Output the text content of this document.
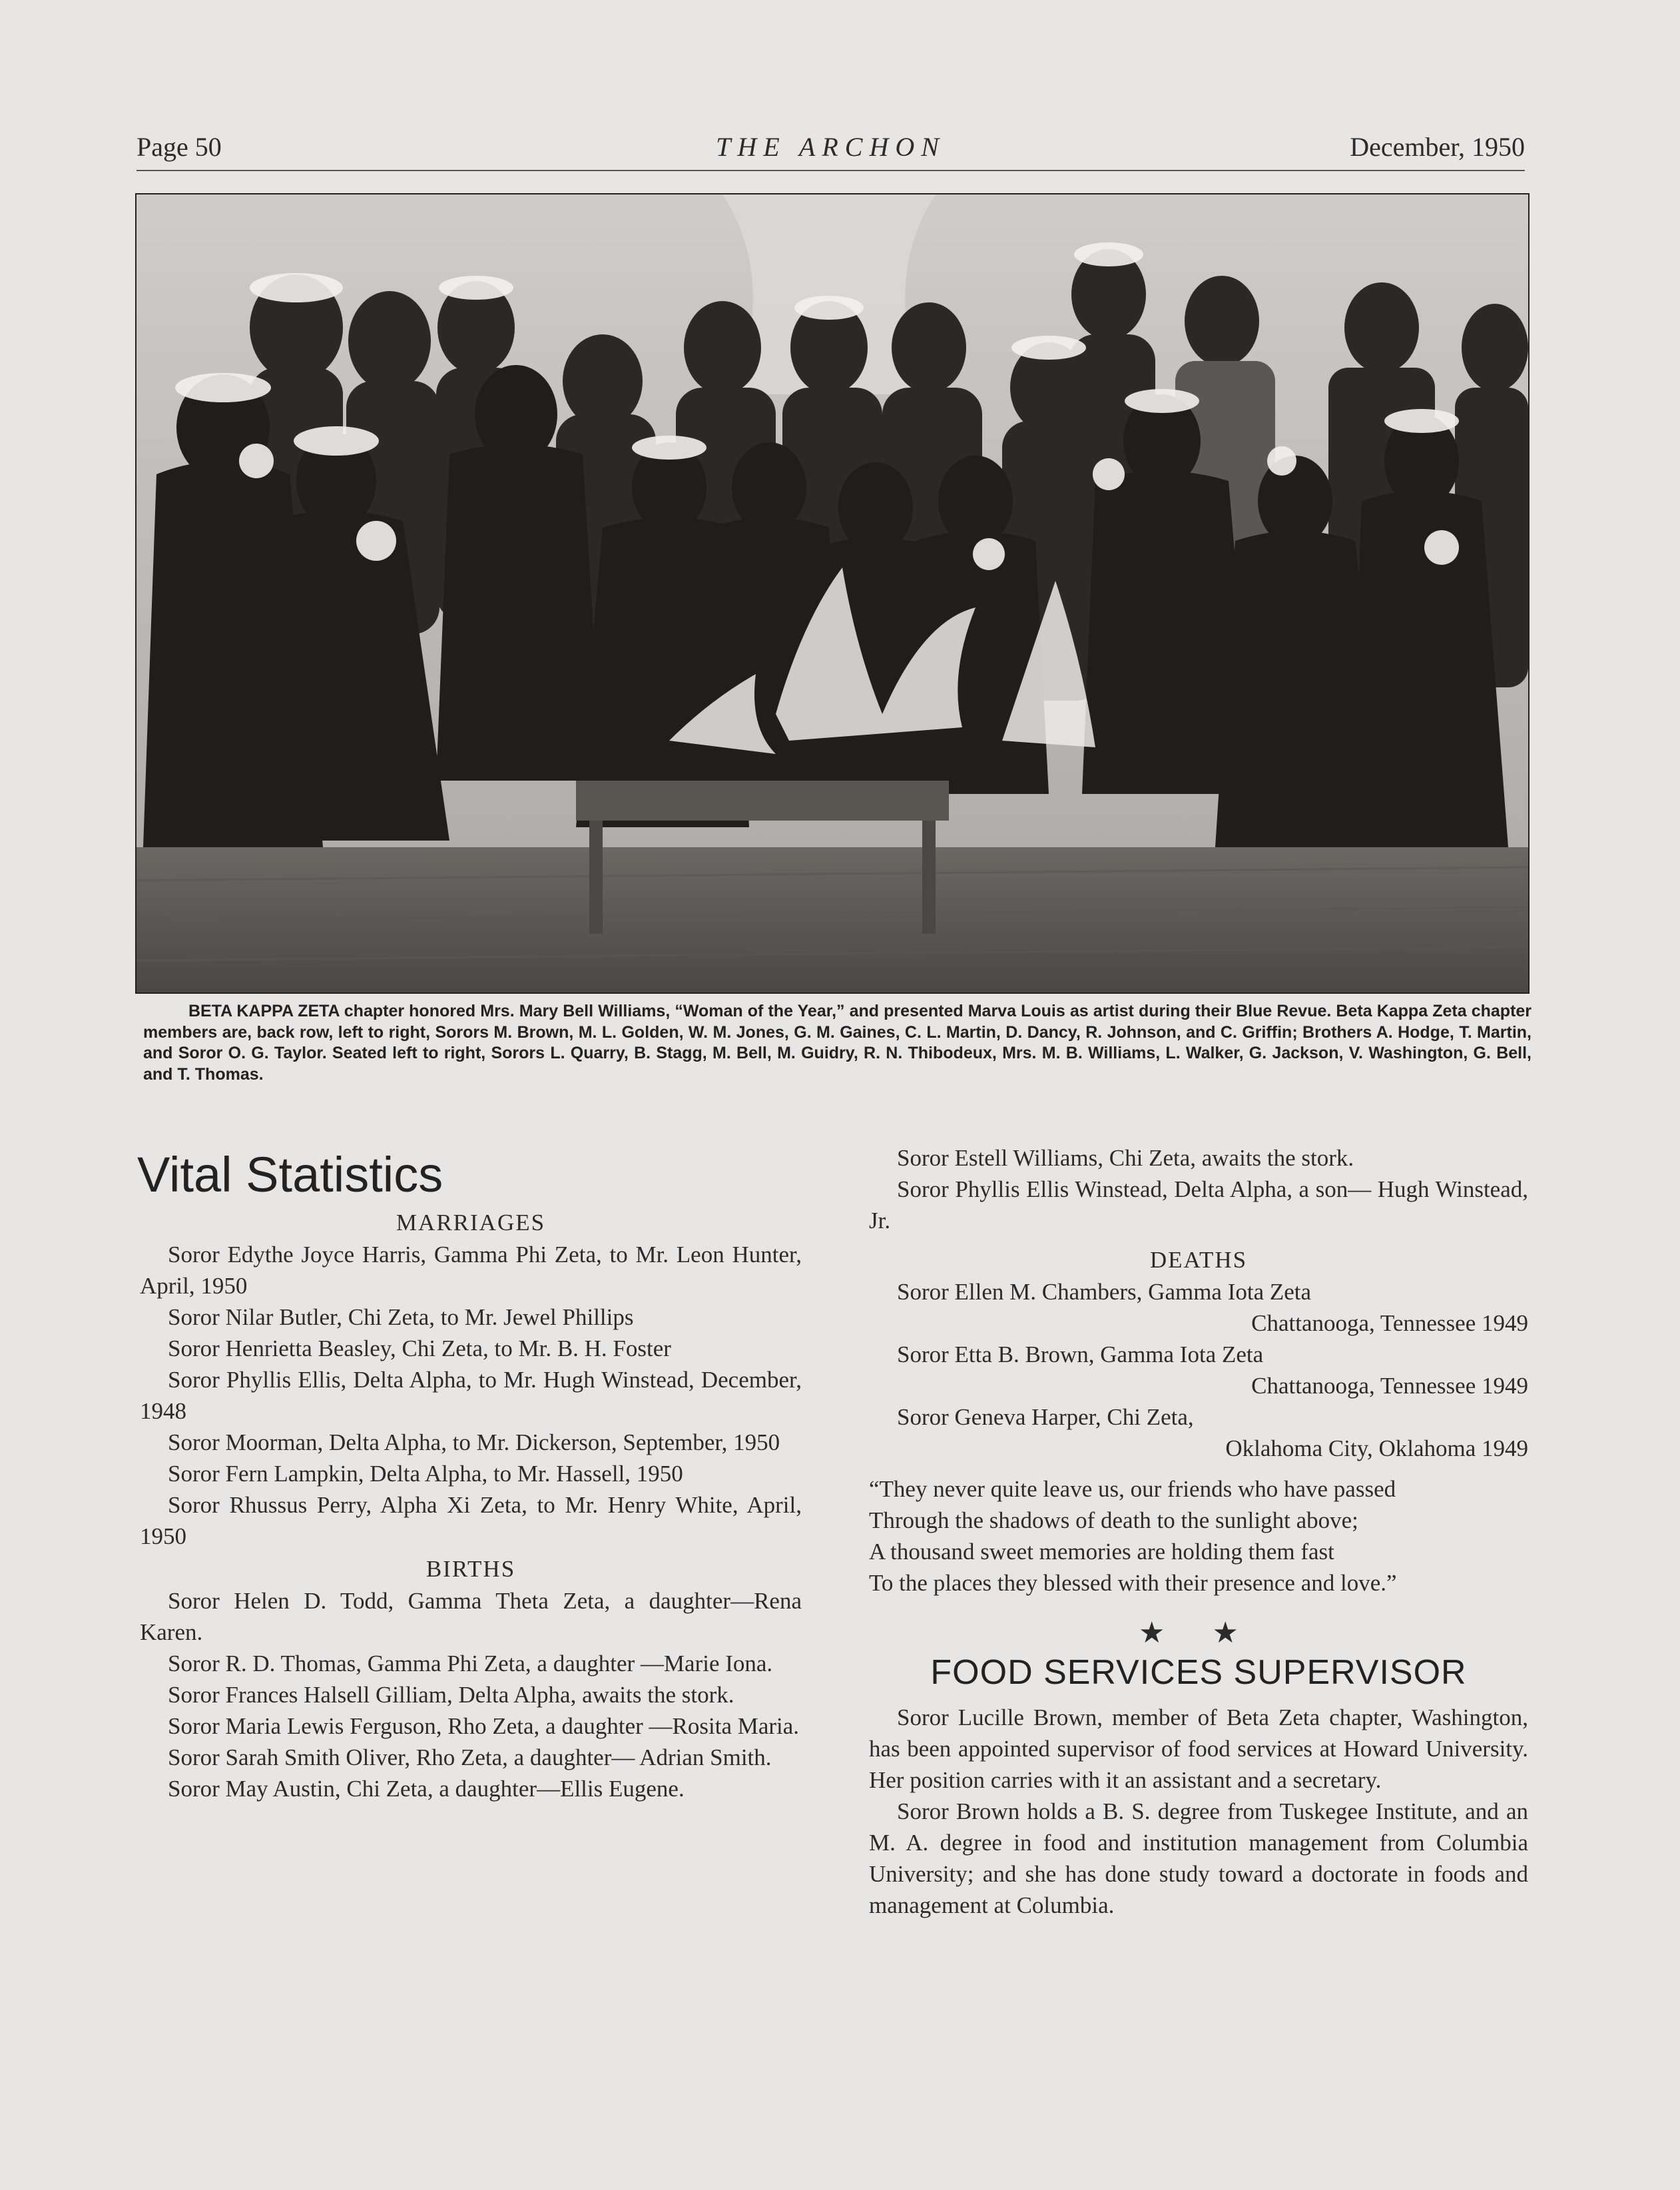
Page 50	THE ARCHON	December, 1950
BETA KAPPA ZETA chapter honored Mrs. Mary Bell Williams, “Woman of the Year,” and presented Marva Louis as artist during their Blue Revue. Beta Kappa Zeta chapter members are, back row, left to right, Sorors M. Brown, M. L. Golden, W. M. Jones, G. M. Gaines, C. L. Martin, D. Dancy, R. Johnson, and C. Griffin; Brothers A. Hodge, T. Martin, and Soror O. G. Taylor. Seated left to right, Sorors L. Quarry, B. Stagg, M. Bell, M. Guidry, R. N. Thibodeux, Mrs. M. B. Williams, L. Walker, G. Jackson, V. Washington, G. Bell, and T. Thomas.
Vital Statistics
MARRIAGES

Soror Edythe Joyce Harris, Gamma Phi Zeta, to Mr. Leon Hunter, April, 1950

Soror Nilar Butler, Chi Zeta, to Mr. Jewel Phillips

Soror Henrietta Beasley, Chi Zeta, to Mr. B. H. Foster

Soror Phyllis Ellis, Delta Alpha, to Mr. Hugh Winstead, December, 1948

Soror Moorman, Delta Alpha, to Mr. Dickerson, September, 1950

Soror Fern Lampkin, Delta Alpha, to Mr. Hassell, 1950

Soror Rhussus Perry, Alpha Xi Zeta, to Mr. Henry White, April, 1950

BIRTHS

Soror Helen D. Todd, Gamma Theta Zeta, a daughter—Rena Karen.

Soror R. D. Thomas, Gamma Phi Zeta, a daughter —Marie Iona.

Soror Frances Halsell Gilliam, Delta Alpha, awaits the stork.

Soror Maria Lewis Ferguson, Rho Zeta, a daughter —Rosita Maria.

Soror Sarah Smith Oliver, Rho Zeta, a daughter— Adrian Smith.

Soror May Austin, Chi Zeta, a daughter—Ellis Eugene.

Soror Estell Williams, Chi Zeta, awaits the stork.

Soror Phyllis Ellis Winstead, Delta Alpha, a son— Hugh Winstead, Jr.

DEATHS
Soror Ellen M. Chambers, Gamma Iota Zeta
Chattanooga, Tennessee 1949
Soror Etta B. Brown, Gamma Iota Zeta
Chattanooga, Tennessee 1949
Soror Geneva Harper, Chi Zeta,
Oklahoma City, Oklahoma 1949

“They never quite leave us, our friends who have passed

Through the shadows of death to the sunlight above;

A thousand sweet memories are holding them fast

To the places they blessed with their presence and love.”

★ ★
FOOD SERVICES SUPERVISOR

Soror Lucille Brown, member of Beta Zeta chapter, Washington, has been appointed supervisor of food services at Howard University. Her position carries with it an assistant and a secretary.

Soror Brown holds a B. S. degree from Tuskegee Institute, and an M. A. degree in food and institution management from Columbia University; and she has done study toward a doctorate in foods and management at Columbia.
